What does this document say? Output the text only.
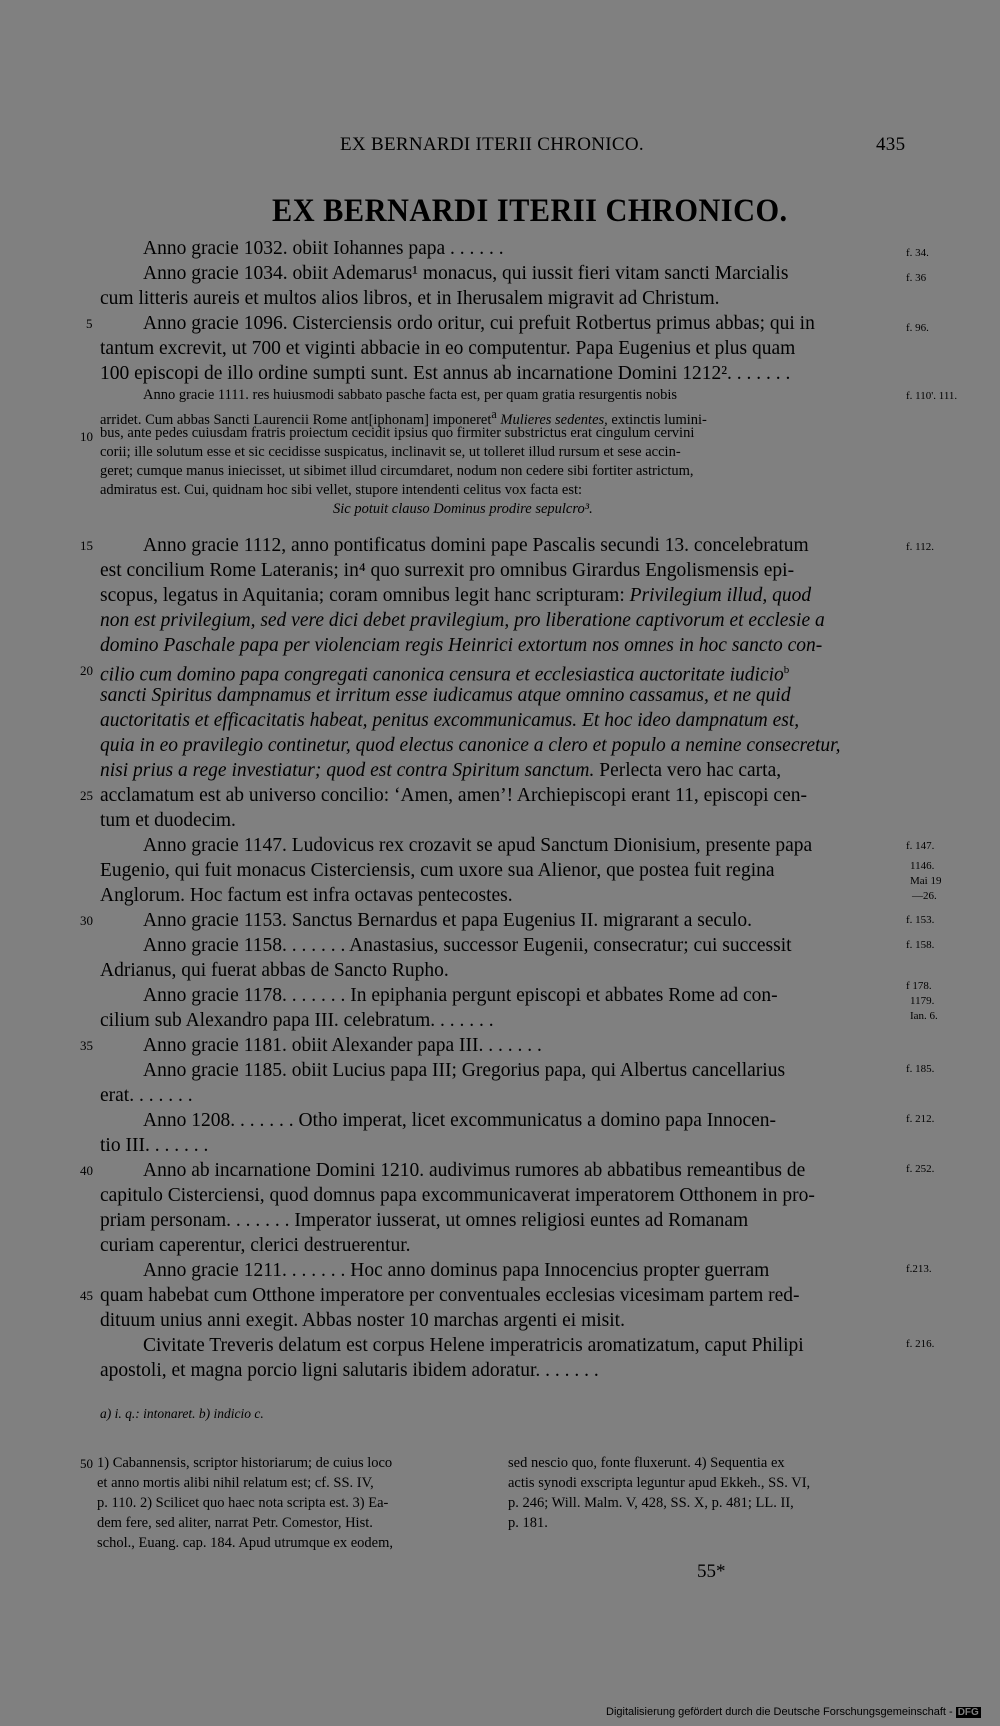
EX BERNARDI ITERII CHRONICO.	435
EX BERNARDI ITERII CHRONICO.
Anno gracie 1032. obiit Iohannes papa . . . . . .
Anno gracie 1034. obiit Ademarus¹ monacus, qui iussit fieri vitam sancti Marcialis
cum litteris aureis et multos alios libros, et in Iherusalem migravit ad Christum.
Anno gracie 1096. Cisterciensis ordo oritur, cui prefuit Rotbertus primus abbas; qui in
tantum excrevit, ut 700 et viginti abbacie in eo computentur. Papa Eugenius et plus quam
100 episcopi de illo ordine sumpti sunt. Est annus ab incarnatione Domini 1212². . . . . . .
Anno gracie 1111. res huiusmodi sabbato pasche facta est, per quam gratia resurgentis nobis
arridet. Cum abbas Sancti Laurencii Rome ant[iphonam] imponeret$^a$ Mulieres sedentes, extinctis lumini-
bus, ante pedes cuiusdam fratris proiectum cecidit ipsius quo firmiter substrictus erat cingulum cervini
corii; ille solutum esse et sic cecidisse suspicatus, inclinavit se, ut tolleret illud rursum et sese accin-
geret; cumque manus iniecisset, ut sibimet illud circumdaret, nodum non cedere sibi fortiter astrictum,
admiratus est. Cui, quidnam hoc sibi vellet, stupore intendenti celitus vox facta est:
Sic potuit clauso Dominus prodire sepulcro³.
Anno gracie 1112, anno pontificatus domini pape Pascalis secundi 13. concelebratum
est concilium Rome Lateranis; in⁴ quo surrexit pro omnibus Girardus Engolismensis epi-
scopus, legatus in Aquitania; coram omnibus legit hanc scripturam: Privilegium illud, quod
non est privilegium, sed vere dici debet pravilegium, pro liberatione captivorum et ecclesie a
domino Paschale papa per violenciam regis Heinrici extortum nos omnes in hoc sancto con-
cilio cum domino papa congregati canonica censura et ecclesiastica auctoritate iudicio$^b$
sancti Spiritus dampnamus et irritum esse iudicamus atque omnino cassamus, et ne quid
auctoritatis et efficacitatis habeat, penitus excommunicamus. Et hoc ideo dampnatum est,
quia in eo pravilegio continetur, quod electus canonice a clero et populo a nemine consecretur,
nisi prius a rege investiatur; quod est contra Spiritum sanctum. Perlecta vero hac carta,
acclamatum est ab universo concilio: ‘Amen, amen’! Archiepiscopi erant 11, episcopi cen-
tum et duodecim.
Anno gracie 1147. Ludovicus rex crozavit se apud Sanctum Dionisium, presente papa
Eugenio, qui fuit monacus Cisterciensis, cum uxore sua Alienor, que postea fuit regina
Anglorum. Hoc factum est infra octavas pentecostes.
Anno gracie 1153. Sanctus Bernardus et papa Eugenius II. migrarant a seculo.
Anno gracie 1158. . . . . . . Anastasius, successor Eugenii, consecratur; cui successit
Adrianus, qui fuerat abbas de Sancto Rupho.
Anno gracie 1178. . . . . . . In epiphania pergunt episcopi et abbates Rome ad con-
cilium sub Alexandro papa III. celebratum. . . . . . .
Anno gracie 1181. obiit Alexander papa III. . . . . . .
Anno gracie 1185. obiit Lucius papa III; Gregorius papa, qui Albertus cancellarius
erat. . . . . . .
Anno 1208. . . . . . . Otho imperat, licet excommunicatus a domino papa Innocen-
tio III. . . . . . .
Anno ab incarnatione Domini 1210. audivimus rumores ab abbatibus remeantibus de
capitulo Cisterciensi, quod domnus papa excommunicaverat imperatorem Otthonem in pro-
priam personam. . . . . . . Imperator iusserat, ut omnes religiosi euntes ad Romanam
curiam caperentur, clerici destruerentur.
Anno gracie 1211. . . . . . . Hoc anno dominus papa Innocencius propter guerram
quam habebat cum Otthone imperatore per conventuales ecclesias vicesimam partem red-
dituum unius anni exegit. Abbas noster 10 marchas argenti ei misit.
Civitate Treveris delatum est corpus Helene imperatricis aromatizatum, caput Philipi
apostoli, et magna porcio ligni salutaris ibidem adoratur. . . . . . .
5
10
15
20
25
30
35
40
45
50
f. 34.
f. 36
f. 96.
f. 110'. 111.
f. 112.
f. 147.
1146.
Mai 19
—26.
f. 153.
f. 158.
f 178.
1179.
Ian. 6.
f. 185.
f. 212.
f. 252.
f.213.
f. 216.
a) i. q.: intonaret. b) indicio c.
1) Cabannensis, scriptor historiarum; de cuius loco
et anno mortis alibi nihil relatum est; cf. SS. IV,
p. 110. 2) Scilicet quo haec nota scripta est. 3) Ea-
dem fere, sed aliter, narrat Petr. Comestor, Hist.
schol., Euang. cap. 184. Apud utrumque ex eodem,
sed nescio quo, fonte fluxerunt. 4) Sequentia ex
actis synodi exscripta leguntur apud Ekkeh., SS. VI,
p. 246; Will. Malm. V, 428, SS. X, p. 481; LL. II,
p. 181.
55*
Digitalisierung gefördert durch die Deutsche Forschungsgemeinschaft - DFG
